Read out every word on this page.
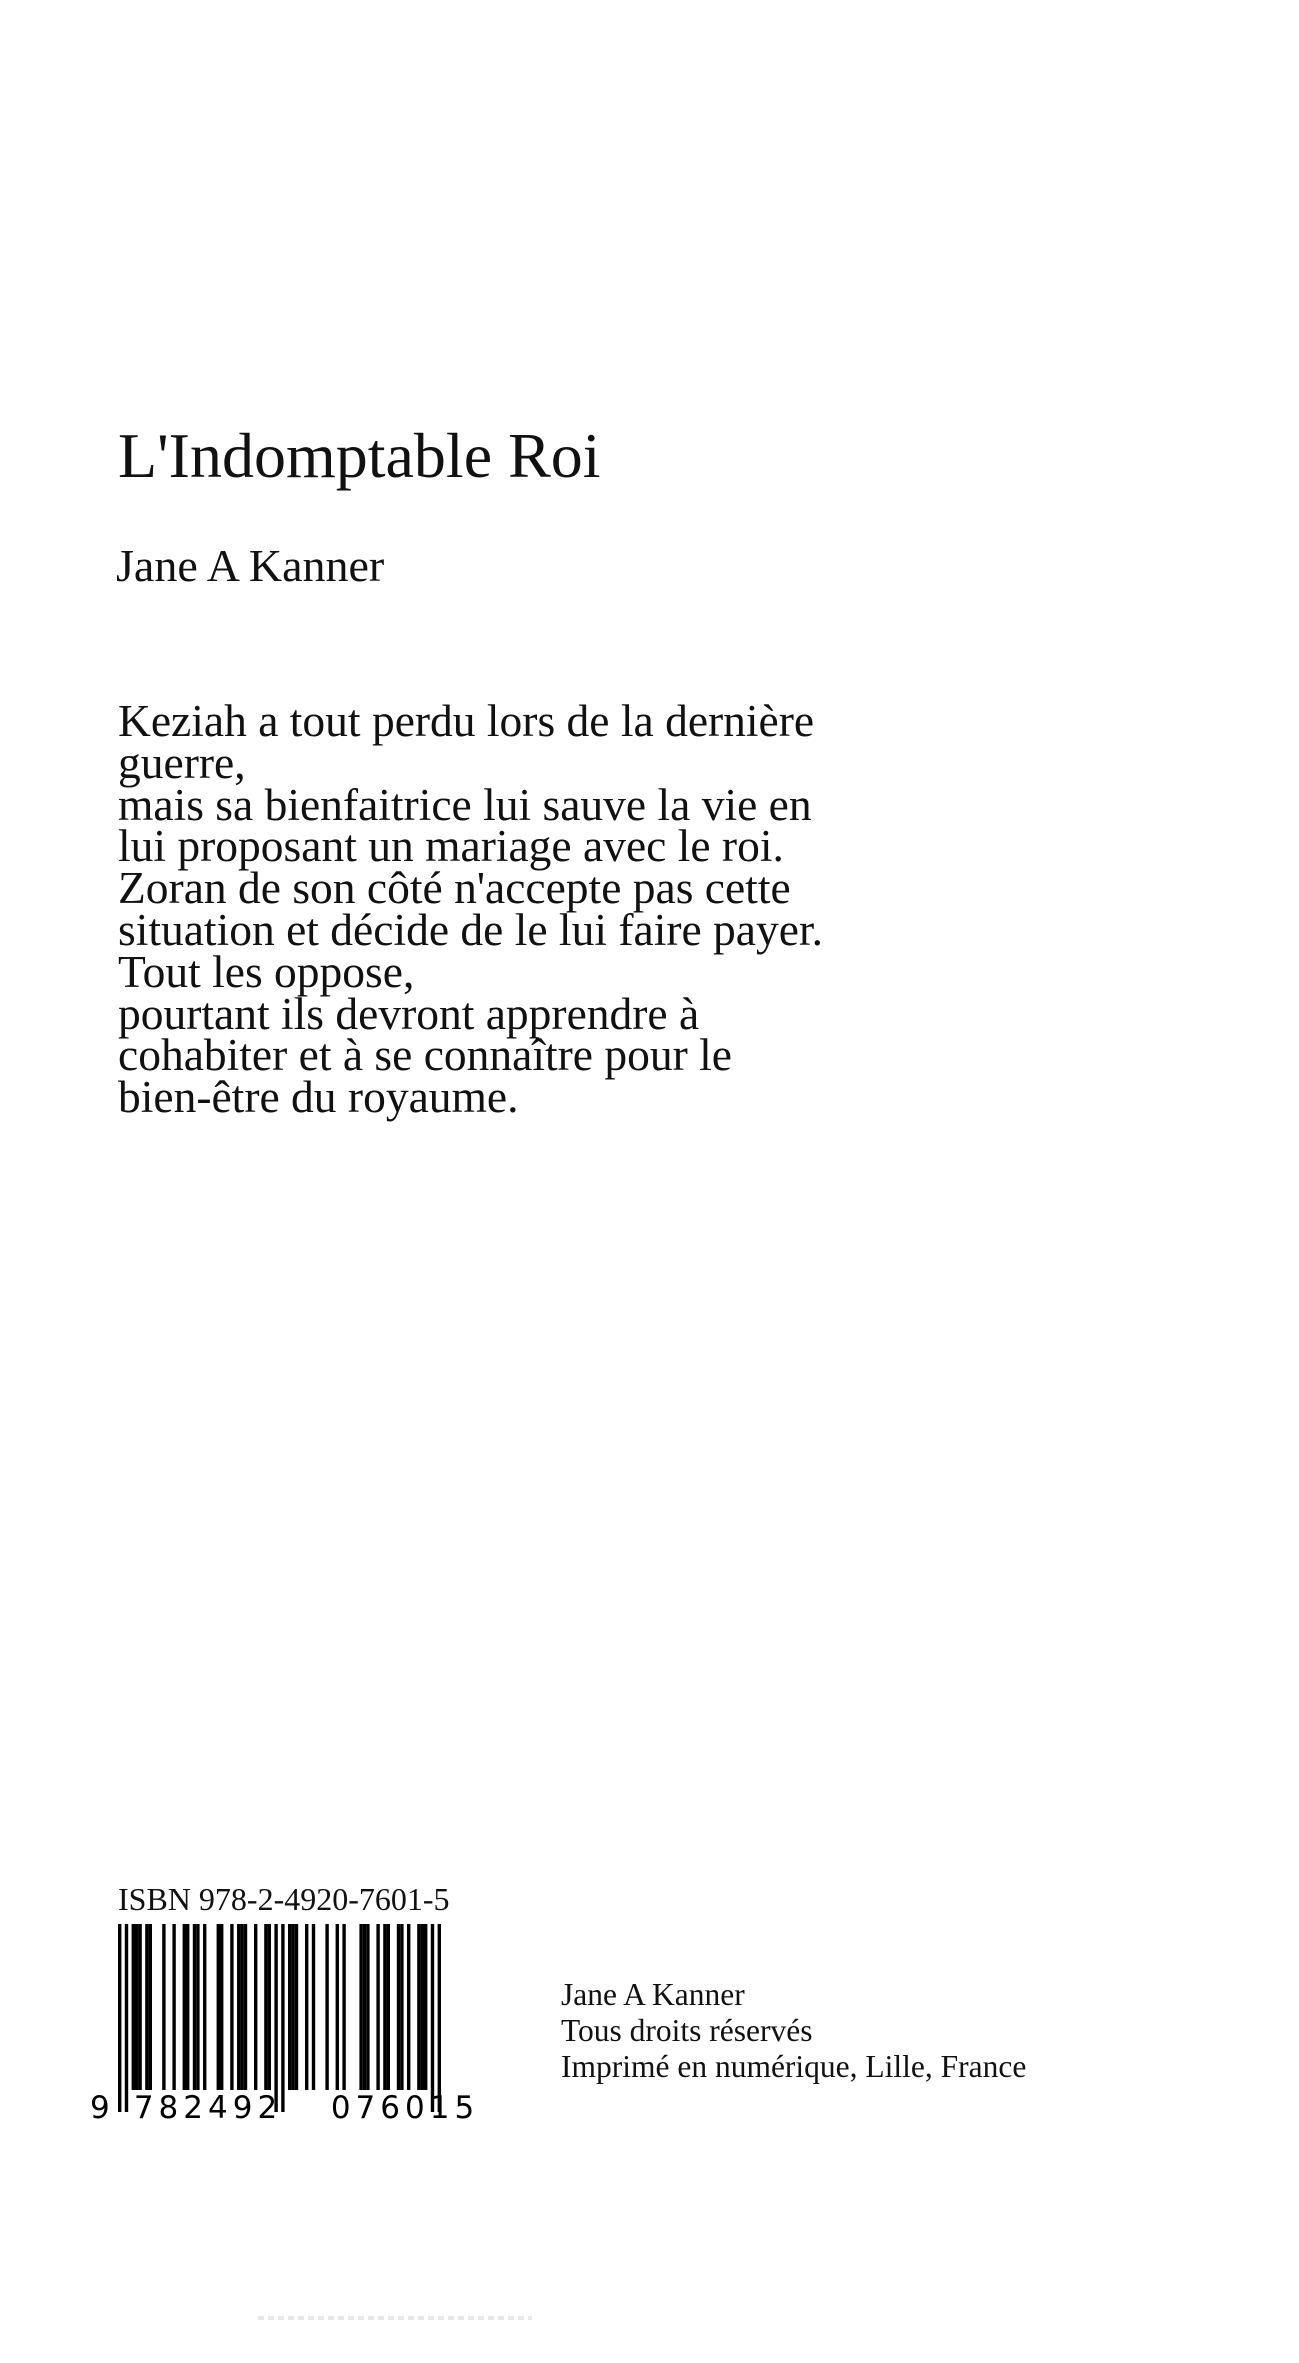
L'Indomptable Roi
Jane A Kanner
Keziah a tout perdu lors de la dernière
guerre,
mais sa bienfaitrice lui sauve la vie en
lui proposant un mariage avec le roi.
Zoran de son côté n'accepte pas cette
situation et décide de le lui faire payer.
Tout les oppose,
pourtant ils devront apprendre à
cohabiter et à se connaître pour le
bien-être du royaume.
ISBN 978-2-4920-7601-5
9 782492 076015
Jane A Kanner
Tous droits réservés
Imprimé en numérique, Lille, France
